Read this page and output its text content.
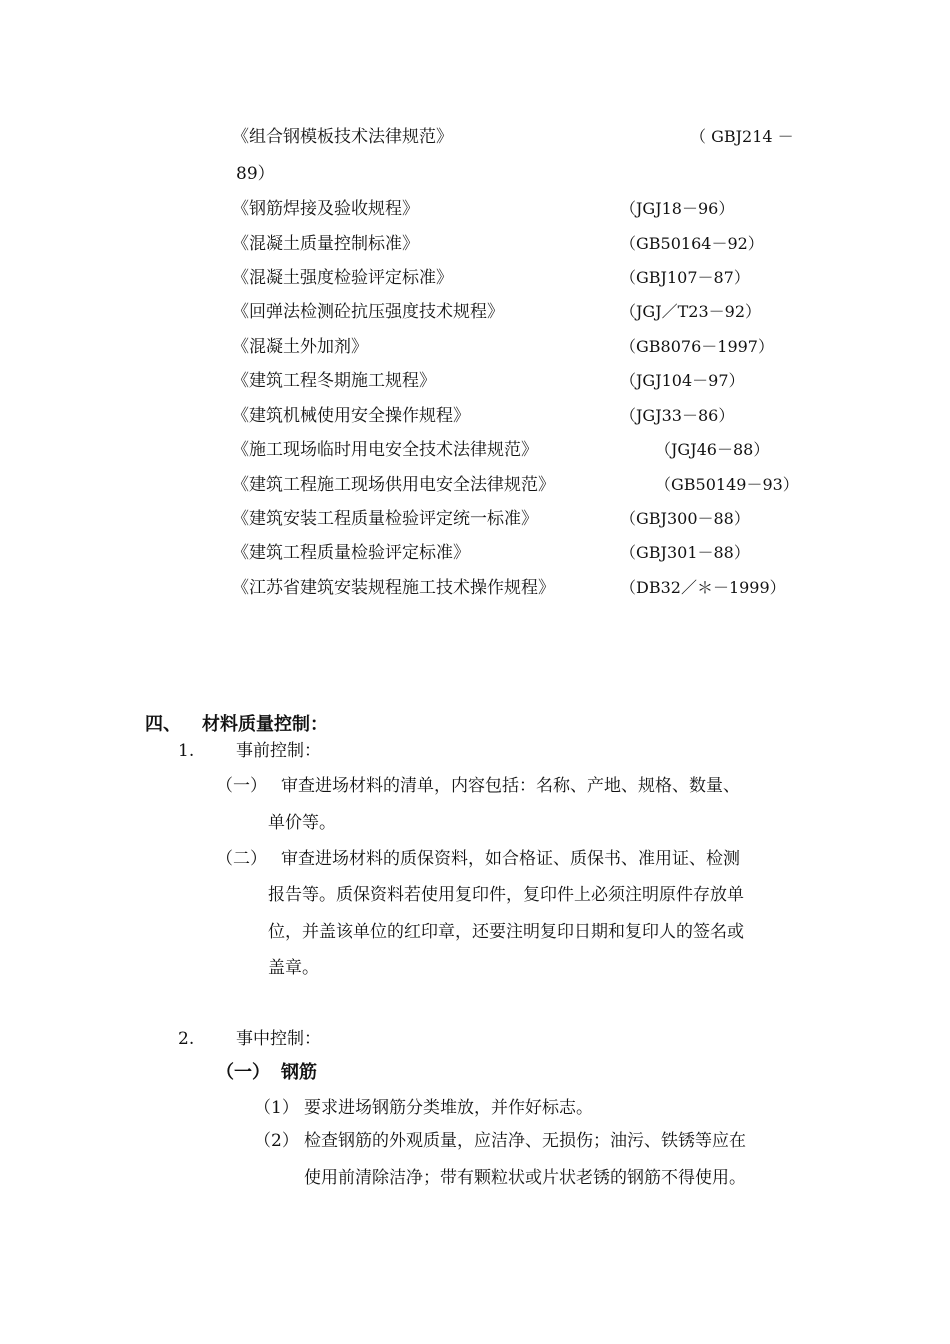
《组合钢模板技术法律规范》	（ GBJ214 －
89）
《钢筋焊接及验收规程》	（JGJ18－96）
《混凝土质量控制标准》	（GB50164－92）
《混凝土强度检验评定标准》	（GBJ107－87）
《回弹法检测砼抗压强度技术规程》	（JGJ／T23－92）
《混凝土外加剂》	（GB8076－1997）
《建筑工程冬期施工规程》	（JGJ104－97）
《建筑机械使用安全操作规程》	（JGJ33－86）
《施工现场临时用电安全技术法律规范》	（JGJ46－88）
《建筑工程施工现场供用电安全法律规范》	（GB50149－93）
《建筑安装工程质量检验评定统一标准》	（GBJ300－88）
《建筑工程质量检验评定标准》	（GBJ301－88）
《江苏省建筑安装规程施工技术操作规程》	（DB32／＊－1999）
四、 材料质量控制：
1. 事前控制：
（一） 审查进场材料的清单，内容包括：名称、产地、规格、数量、
单价等。
（二） 审查进场材料的质保资料，如合格证、质保书、准用证、检测
报告等。质保资料若使用复印件，复印件上必须注明原件存放单
位，并盖该单位的红印章，还要注明复印日期和复印人的签名或
盖章。
2. 事中控制：
（一） 钢筋
（1） 要求进场钢筋分类堆放，并作好标志。
（2） 检查钢筋的外观质量，应洁净、无损伤；油污、铁锈等应在
使用前清除洁净；带有颗粒状或片状老锈的钢筋不得使用。
